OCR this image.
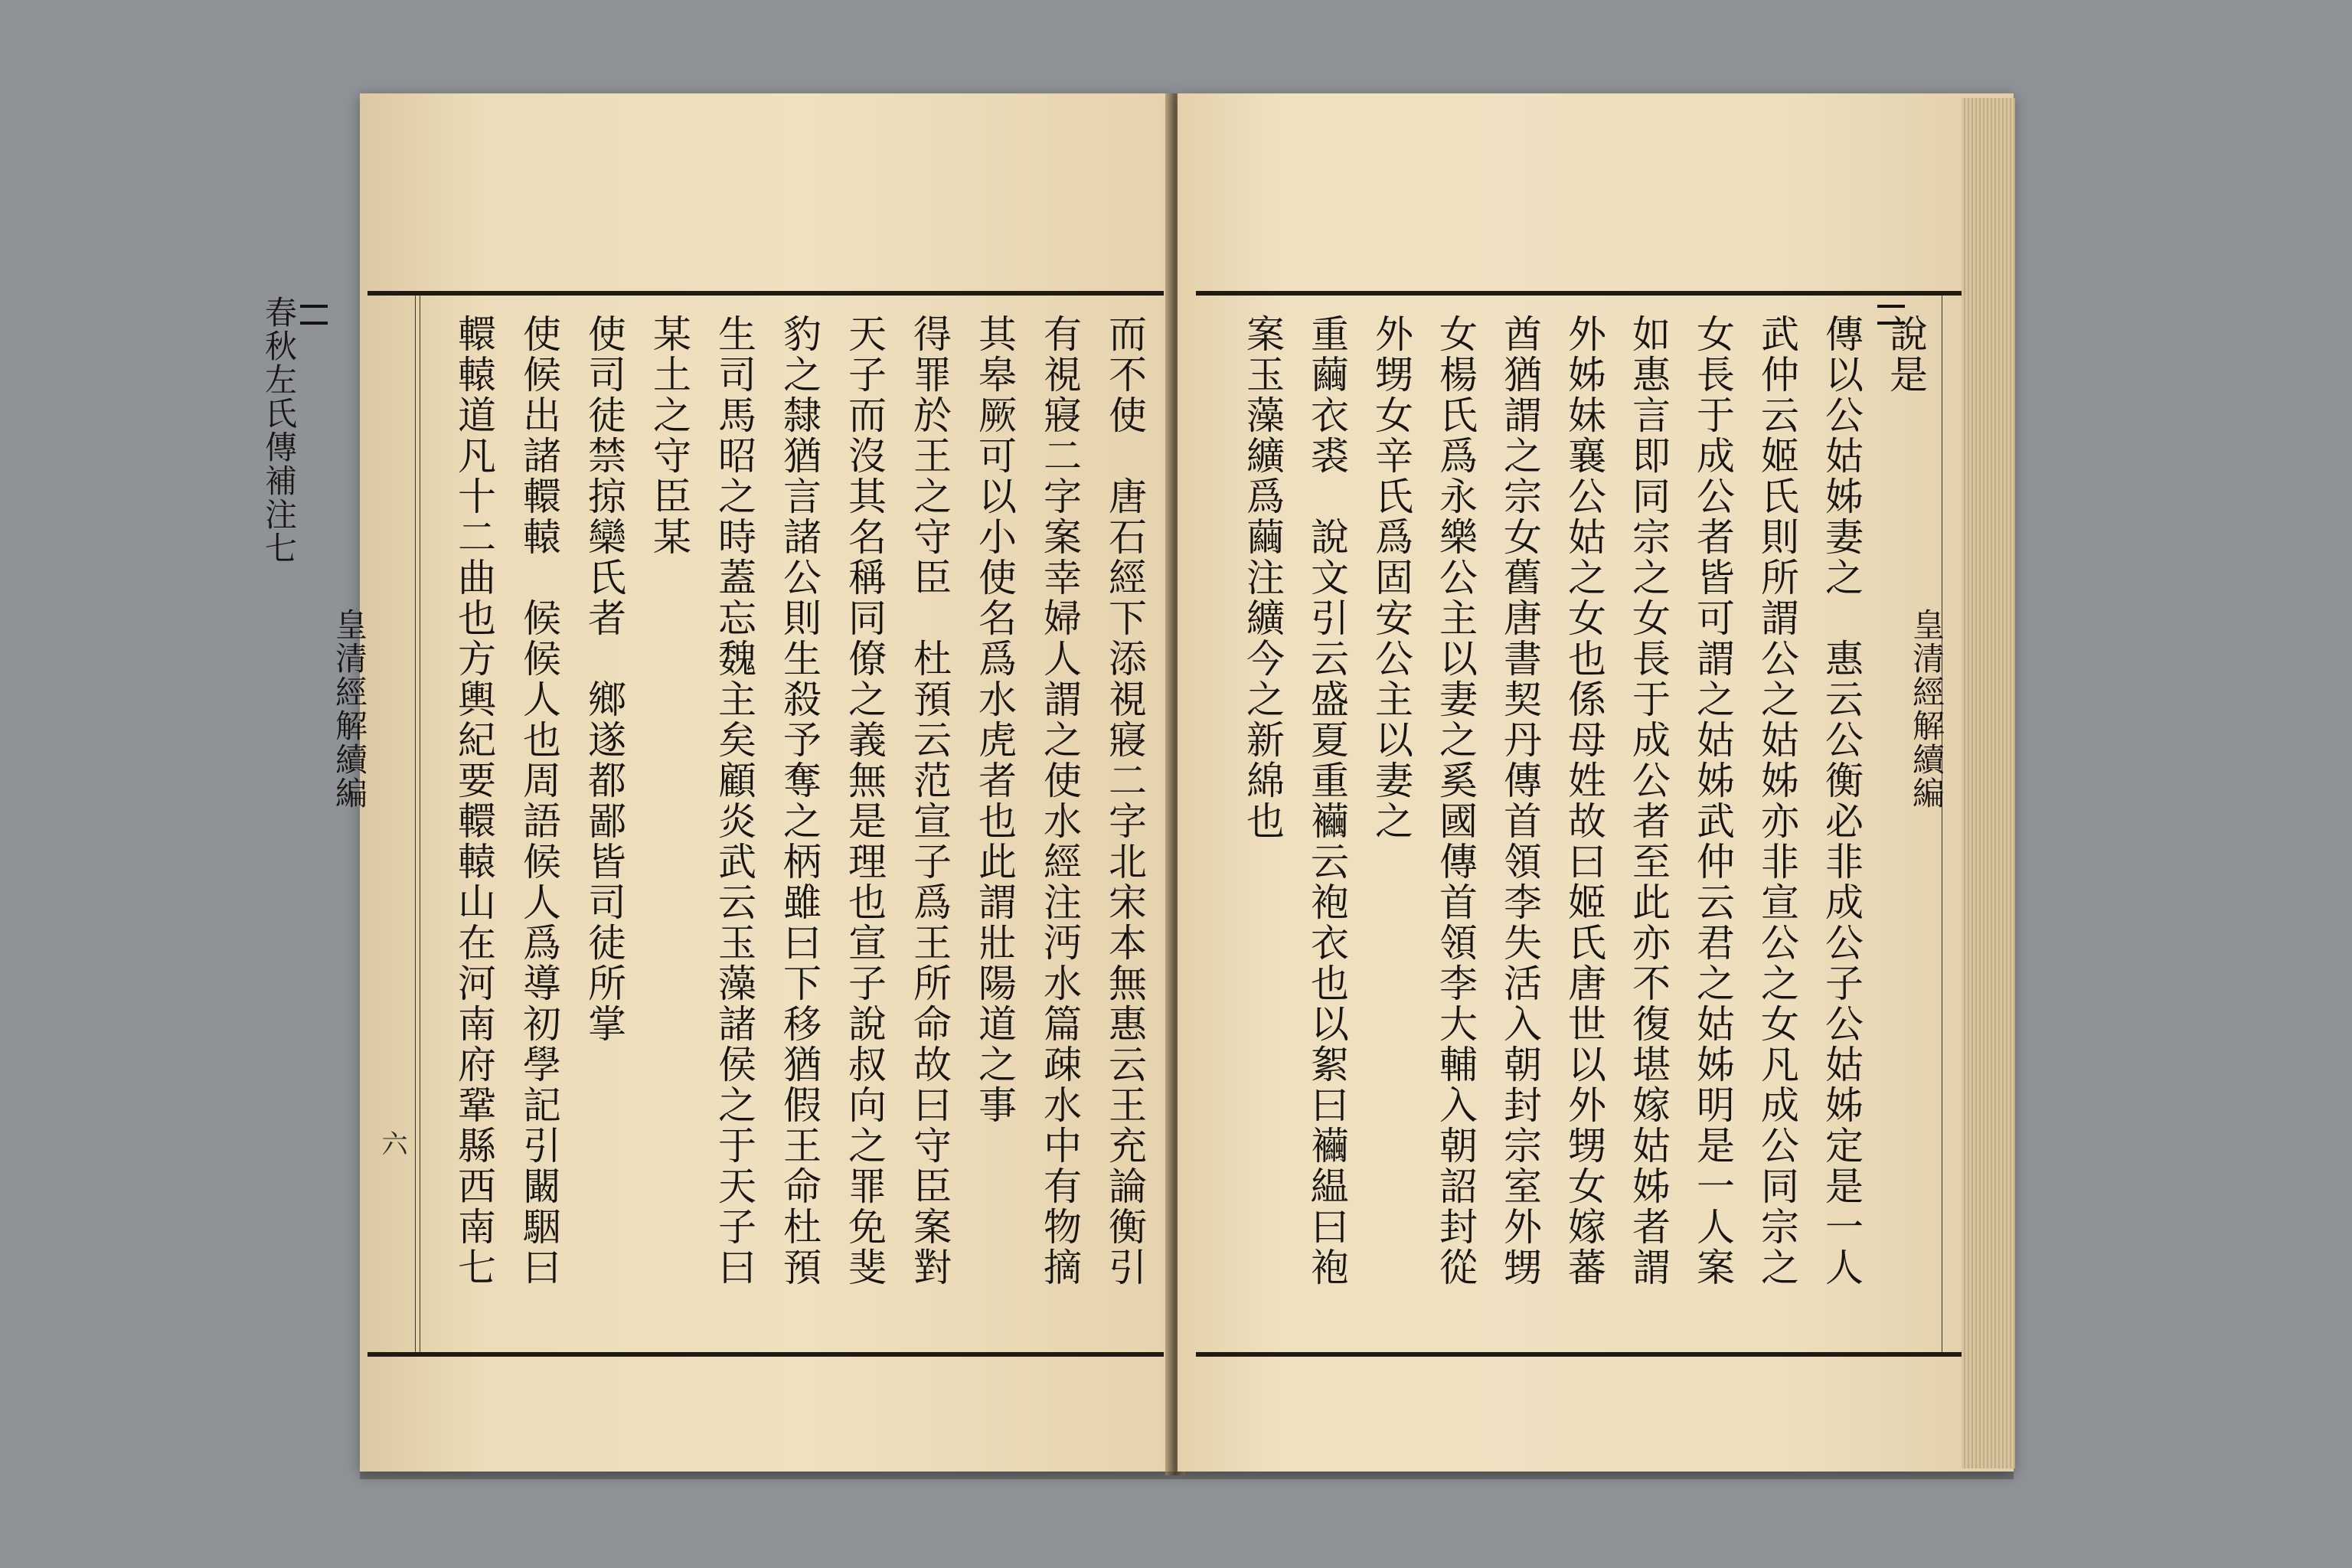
皇清經解續編
春秋左氏傳補注七

六	而不使　唐石經下添視寢二字北宋本無惠云王充論衡引
有視寢二字案幸婦人謂之使水經注沔水篇疎水中有物摘
其皋厥可以小使名爲水虎者也此謂壯陽道之事
得罪於王之守臣　杜預云范宣子爲王所命故曰守臣案對
天子而沒其名稱同僚之義無是理也宣子說叔向之罪免斐
豹之隸猶言諸公則生殺予奪之柄雖曰下移猶假王命杜預
生司馬昭之時蓋忘魏主矣顧炎武云玉藻諸侯之于天子曰
某土之守臣某
使司徒禁掠欒氏者　鄉遂都鄙皆司徒所掌
使候出諸轘轅　候候人也周語候人爲導初學記引闞駰曰
轘轅道凡十二曲也方輿紀要轘轅山在河南府鞏縣西南七	說是
傳以公姑姊妻之　惠云公衡必非成公子公姑姊定是一人
武仲云姬氏則所謂公之姑姊亦非宣公之女凡成公同宗之
女長于成公者皆可謂之姑姊武仲云君之姑姊明是一人案
如惠言即同宗之女長于成公者至此亦不復堪嫁姑姊者謂
外姊妹襄公姑之女也係母姓故曰姬氏唐世以外甥女嫁蕃
酋猶謂之宗女舊唐書契丹傳首領李失活入朝封宗室外甥
女楊氏爲永樂公主以妻之奚國傳首領李大輔入朝詔封從
外甥女辛氏爲固安公主以妻之
重繭衣裘　說文引云盛夏重襺云袍衣也以絮曰襺緼曰袍
案玉藻纊爲繭注纊今之新綿也	皇清經解續編
